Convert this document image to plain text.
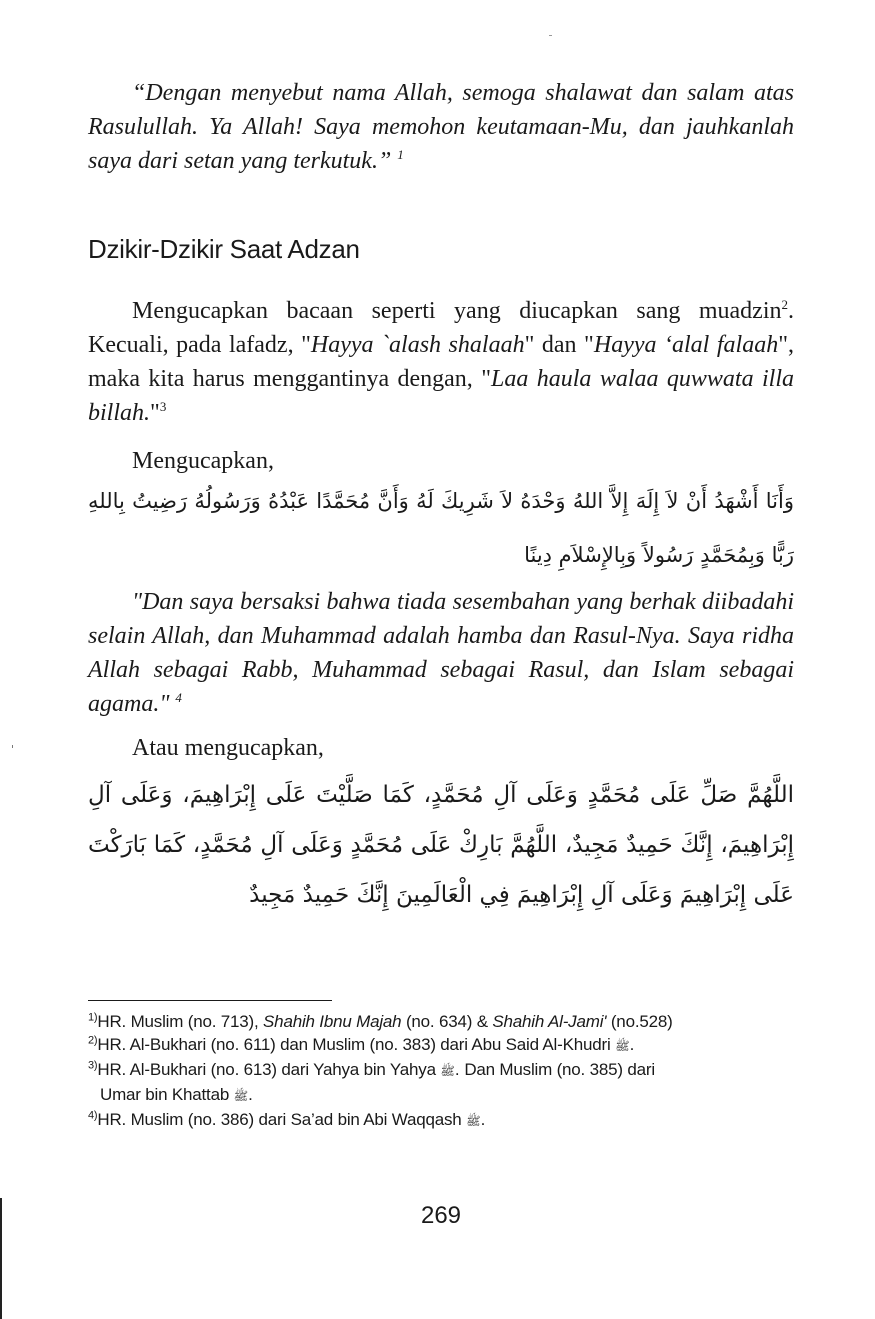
“Dengan menyebut nama Allah, semoga shalawat dan salam atas Rasulullah. Ya Allah! Saya memohon keutamaan-Mu, dan jauhkanlah saya dari setan yang terkutuk.” $^1$

Dzikir-Dzikir Saat Adzan

Mengucapkan bacaan seperti yang diucapkan sang muadzin$^2$. Kecuali, pada lafadz, "Hayya `alash shalaah" dan "Hayya ‘alal falaah", maka kita harus menggantinya dengan, "Laa haula walaa quwwata illa billah."$^3$

Mengucapkan,

وَأَنَا أَشْهَدُ أَنْ لاَ إِلَهَ إِلاَّ اللهُ وَحْدَهُ لاَ شَرِيكَ لَهُ وَأَنَّ مُحَمَّدًا عَبْدُهُ وَرَسُولُهُ رَضِيتُ بِاللهِ رَبًّا وَبِمُحَمَّدٍ رَسُولاً وَبِالإِسْلاَمِ دِينًا

"Dan saya bersaksi bahwa tiada sesembahan yang berhak diibadahi selain Allah, dan Muhammad adalah hamba dan Rasul-Nya. Saya ridha Allah sebagai Rabb, Muhammad sebagai Rasul, dan Islam sebagai agama." $^4$

Atau mengucapkan,

اللَّهُمَّ صَلِّ عَلَى مُحَمَّدٍ وَعَلَى آلِ مُحَمَّدٍ، كَمَا صَلَّيْتَ عَلَى إِبْرَاهِيمَ، وَعَلَى آلِ إِبْرَاهِيمَ، إِنَّكَ حَمِيدٌ مَجِيدٌ، اللَّهُمَّ بَارِكْ عَلَى مُحَمَّدٍ وَعَلَى آلِ مُحَمَّدٍ، كَمَا بَارَكْتَ عَلَى إِبْرَاهِيمَ وَعَلَى آلِ إِبْرَاهِيمَ فِي الْعَالَمِينَ إِنَّكَ حَمِيدٌ مَجِيدٌ

$^{1)}$HR. Muslim (no. 713), Shahih Ibnu Majah (no. 634) & Shahih Al-Jami' (no.528)

$^{2)}$HR. Al-Bukhari (no. 611) dan Muslim (no. 383) dari Abu Said Al-Khudri ﷺ.

$^{3)}$HR. Al-Bukhari (no. 613) dari Yahya bin Yahya ﷺ. Dan Muslim (no. 385) dari
Umar bin Khattab ﷺ.

$^{4)}$HR. Muslim (no. 386) dari Sa’ad bin Abi Waqqash ﷺ.

269
